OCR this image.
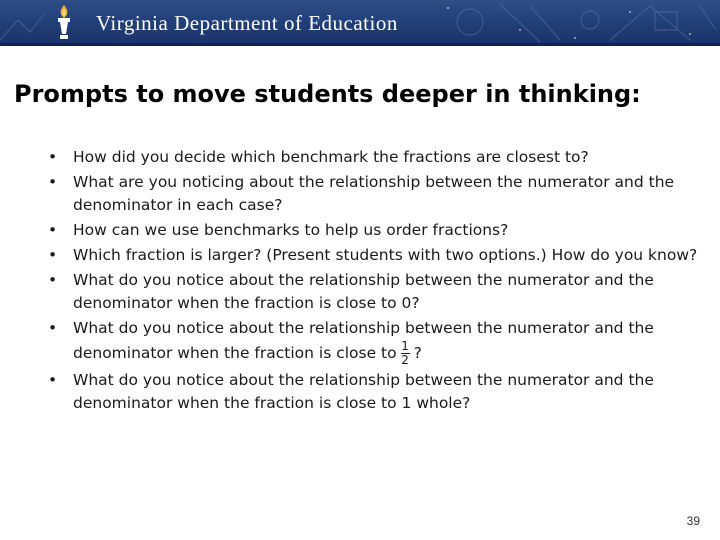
Virginia Department of Education
Prompts to move students deeper in thinking:
• How did you decide which benchmark the fractions are closest to?
• What are you noticing about the relationship between the numerator and the denominator in each case?
• How can we use benchmarks to help us order fractions?
• Which fraction is larger? (Present students with two options.) How do you know?
• What do you notice about the relationship between the numerator and the denominator when the fraction is close to 0?
• What do you notice about the relationship between the numerator and the denominator when the fraction is close to $\frac{1}{2}$ ?
• What do you notice about the relationship between the numerator and the denominator when the fraction is close to 1 whole?
39
